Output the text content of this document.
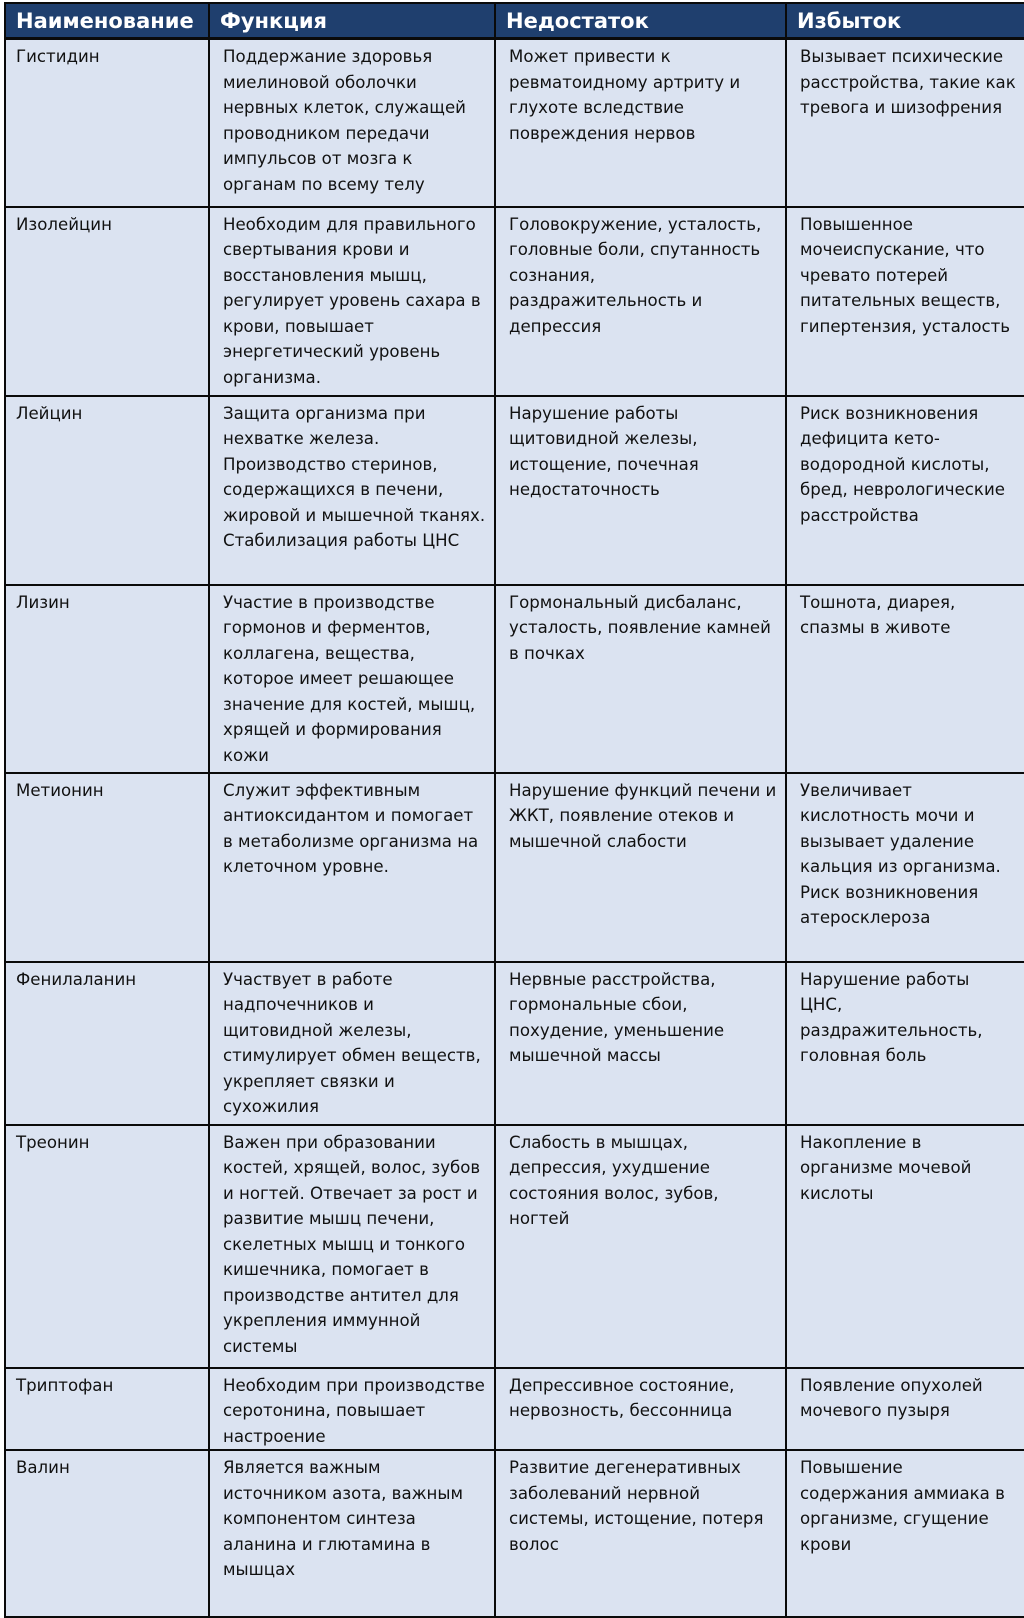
Наименование	Функция	Недостаток	Избыток
Гистидин	Поддержание здоровья миелиновой оболочки нервных клеток, служащей проводником передачи импульсов от мозга к органам по всему телу	Может привести к ревматоидному артриту и глухоте вследствие повреждения нервов	Вызывает психические расстройства, такие как тревога и шизофрения
Изолейцин	Необходим для правильного свертывания крови и восстановления мышц, регулирует уровень сахара в крови, повышает энергетический уровень организма.	Головокружение, усталость, головные боли, спутанность сознания, раздражительность и депрессия	Повышенное мочеиспускание, что чревато потерей питательных веществ, гипертензия, усталость
Лейцин	Защита организма при нехватке железа. Производство стеринов, содержащихся в печени, жировой и мышечной тканях. Стабилизация работы ЦНС	Нарушение работы щитовидной железы, истощение, почечная недостаточность	Риск возникновения дефицита кето-водородной кислоты, бред, неврологические расстройства
Лизин	Участие в производстве гормонов и ферментов, коллагена, вещества, которое имеет решающее значение для костей, мышц, хрящей и формирования кожи	Гормональный дисбаланс, усталость, появление камней в почках	Тошнота, диарея, спазмы в животе
Метионин	Служит эффективным антиоксидантом и помогает в метаболизме организма на клеточном уровне.	Нарушение функций печени и ЖКТ, появление отеков и мышечной слабости	Увеличивает кислотность мочи и вызывает удаление кальция из организма. Риск возникновения атеросклероза
Фенилаланин	Участвует в работе надпочечников и щитовидной железы, стимулирует обмен веществ, укрепляет связки и сухожилия	Нервные расстройства, гормональные сбои, похудение, уменьшение мышечной массы	Нарушение работы ЦНС, раздражительность, головная боль
Треонин	Важен при образовании костей, хрящей, волос, зубов и ногтей. Отвечает за рост и развитие мышц печени, скелетных мышц и тонкого кишечника, помогает в производстве антител для укрепления иммунной системы	Слабость в мышцах, депрессия, ухудшение состояния волос, зубов, ногтей	Накопление в организме мочевой кислоты
Триптофан	Необходим при производстве серотонина, повышает настроение	Депрессивное состояние, нервозность, бессонница	Появление опухолей мочевого пузыря
Валин	Является важным источником азота, важным компонентом синтеза аланина и глютамина в мышцах	Развитие дегенеративных заболеваний нервной системы, истощение, потеря волос	Повышение содержания аммиака в организме, сгущение крови
